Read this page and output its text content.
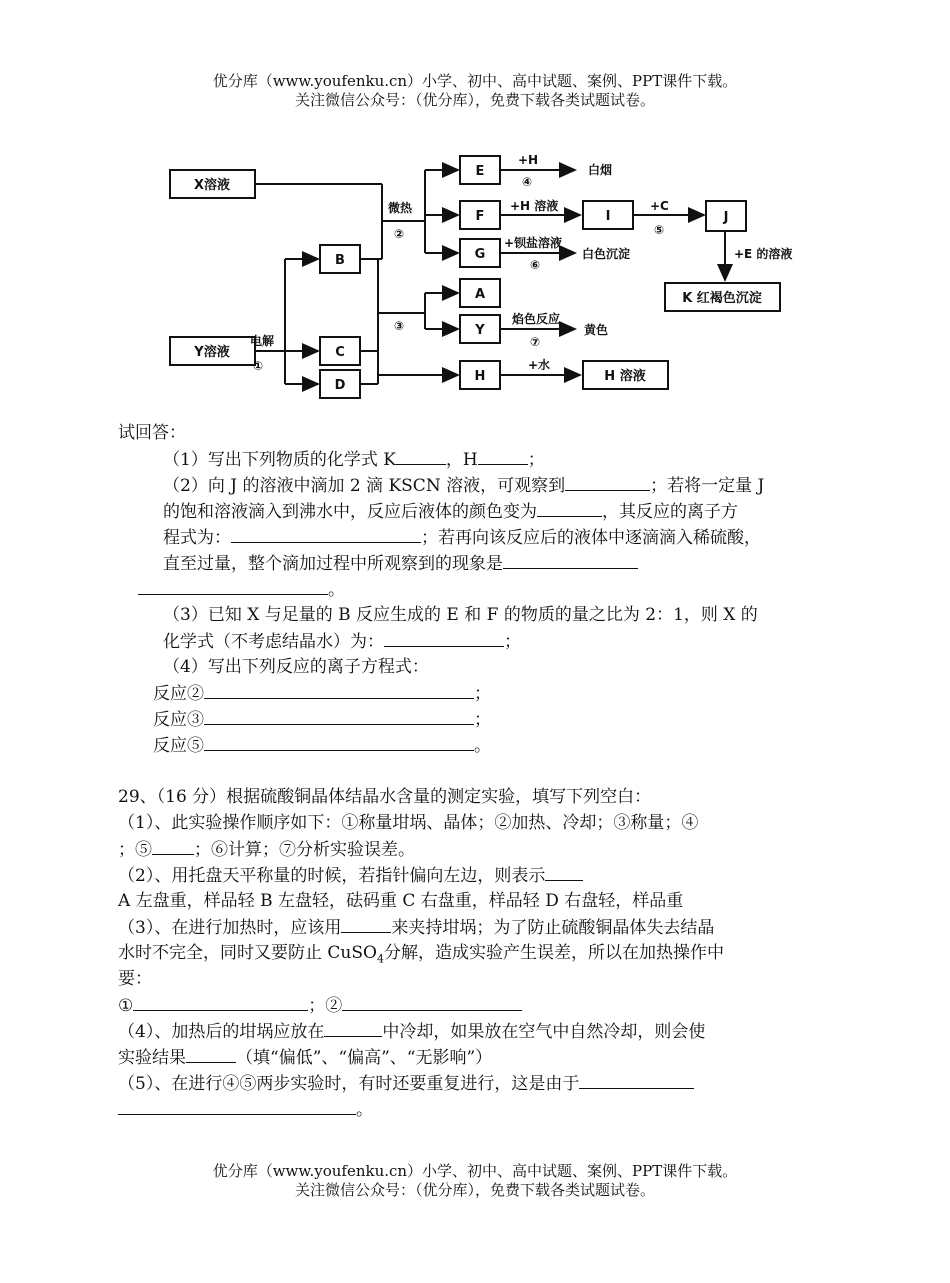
优分库（www.youfenku.cn）小学、初中、高中试题、案例、PPT课件下载。
关注微信公众号：（优分库），免费下载各类试题试卷。
X溶液
Y溶液
B
C
D
E
F
G
A
Y
H
I	J
K 红褐色沉淀
H 溶液
电解
①
微热
②
③
+H
④
白烟
+H 溶液	+C
⑤
+钡盐溶液
⑥
白色沉淀
焰色反应
⑦
黄色
+水
+E 的溶液
试回答：
（1）写出下列物质的化学式 K	，H	；
（2）向 J 的溶液中滴加 2 滴 KSCN 溶液，可观察到	；若将一定量 J
的饱和溶液滴入到沸水中，反应后液体的颜色变为	，其反应的离子方
程式为：	；若再向该反应后的液体中逐滴滴入稀硫酸，
直至过量，整个滴加过程中所观察到的现象是
。
（3）已知 X 与足量的 B 反应生成的 E 和 F 的物质的量之比为 2：1，则 X 的
化学式（不考虑结晶水）为：	；
（4）写出下列反应的离子方程式：
反应②	；
反应③	；
反应⑤	。
29、（16 分）根据硫酸铜晶体结晶水含量的测定实验，填写下列空白：
（1）、此实验操作顺序如下：①称量坩埚、晶体；②加热、冷却；③称量；④
；⑤ ；⑥计算；⑦分析实验误差。
（2）、用托盘天平称量的时候，若指针偏向左边，则表示
A 左盘重，样品轻 B 左盘轻，砝码重 C 右盘重，样品轻 D 右盘轻，样品重
（3）、在进行加热时，应该用	来夹持坩埚；为了防止硫酸铜晶体失去结晶
水时不完全，同时又要防止 CuSO$_4$分解，造成实验产生误差，所以在加热操作中
要：
①	；②
（4）、加热后的坩埚应放在	中冷却，如果放在空气中自然冷却，则会使
实验结果	（填“偏低”、“偏高”、“无影响”）
（5）、在进行④⑤两步实验时，有时还要重复进行，这是由于
。
优分库（www.youfenku.cn）小学、初中、高中试题、案例、PPT课件下载。
关注微信公众号：（优分库），免费下载各类试题试卷。
